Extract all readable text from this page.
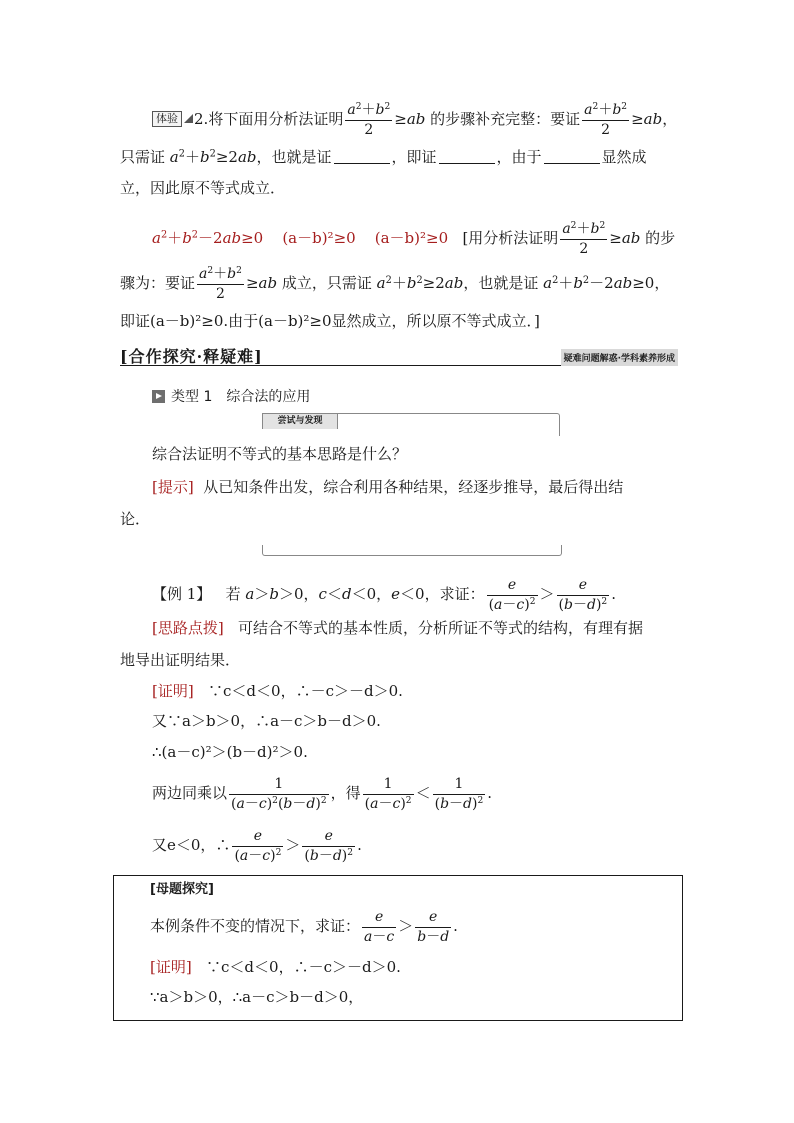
体验 2.将下面用分析法证明 $\frac{a^2+b^2}{2} \ge ab$ 的步骤补充完整：要证 $\frac{a^2+b^2}{2} \ge ab$，
只需证 $a^2+b^2\ge 2ab$，也就是证	，即证	，由于	显然成
立，因此原不等式成立．
$a^2+b^2-2ab\ge 0$ (a－b)²≥0 (a－b)²≥0 [用分析法证明 $\frac{a^2+b^2}{2} \ge ab$ 的步
骤为：要证 $\frac{a^2+b^2}{2} \ge ab$ 成立，只需证 $a^2+b^2\ge 2ab$，也就是证 $a^2+b^2-2ab\ge 0$，
即证(a－b)²≥0.由于(a－b)²≥0显然成立，所以原不等式成立．]
[合作探究·释疑难]	疑难问题解惑·学科素养形成
类型 1　综合法的应用
尝试与发现
综合法证明不等式的基本思路是什么？
[提示] 从已知条件出发，综合利用各种结果，经逐步推导，最后得出结
论．
【例 1】 若 a＞b＞0，c＜d＜0，e＜0，求证： $\frac{e}{(a-c)^2} > \frac{e}{(b-d)^2}$ .
[思路点拨] 可结合不等式的基本性质，分析所证不等式的结构，有理有据
地导出证明结果．
[证明] ∵c＜d＜0，∴－c＞－d＞0.
又∵a＞b＞0，∴a－c＞b－d＞0.
∴(a－c)²＞(b－d)²＞0.
两边同乘以 $\frac{1}{(a-c)^2(b-d)^2}$ ，得 $\frac{1}{(a-c)^2} < \frac{1}{(b-d)^2}$ .
又e＜0，∴ $\frac{e}{(a-c)^2} > \frac{e}{(b-d)^2}$ .
[母题探究]
本例条件不变的情况下，求证： $\frac{e}{a-c} > \frac{e}{b-d}$ .
[证明] ∵c＜d＜0，∴－c＞－d＞0.
∵a＞b＞0，∴a－c＞b－d＞0，
